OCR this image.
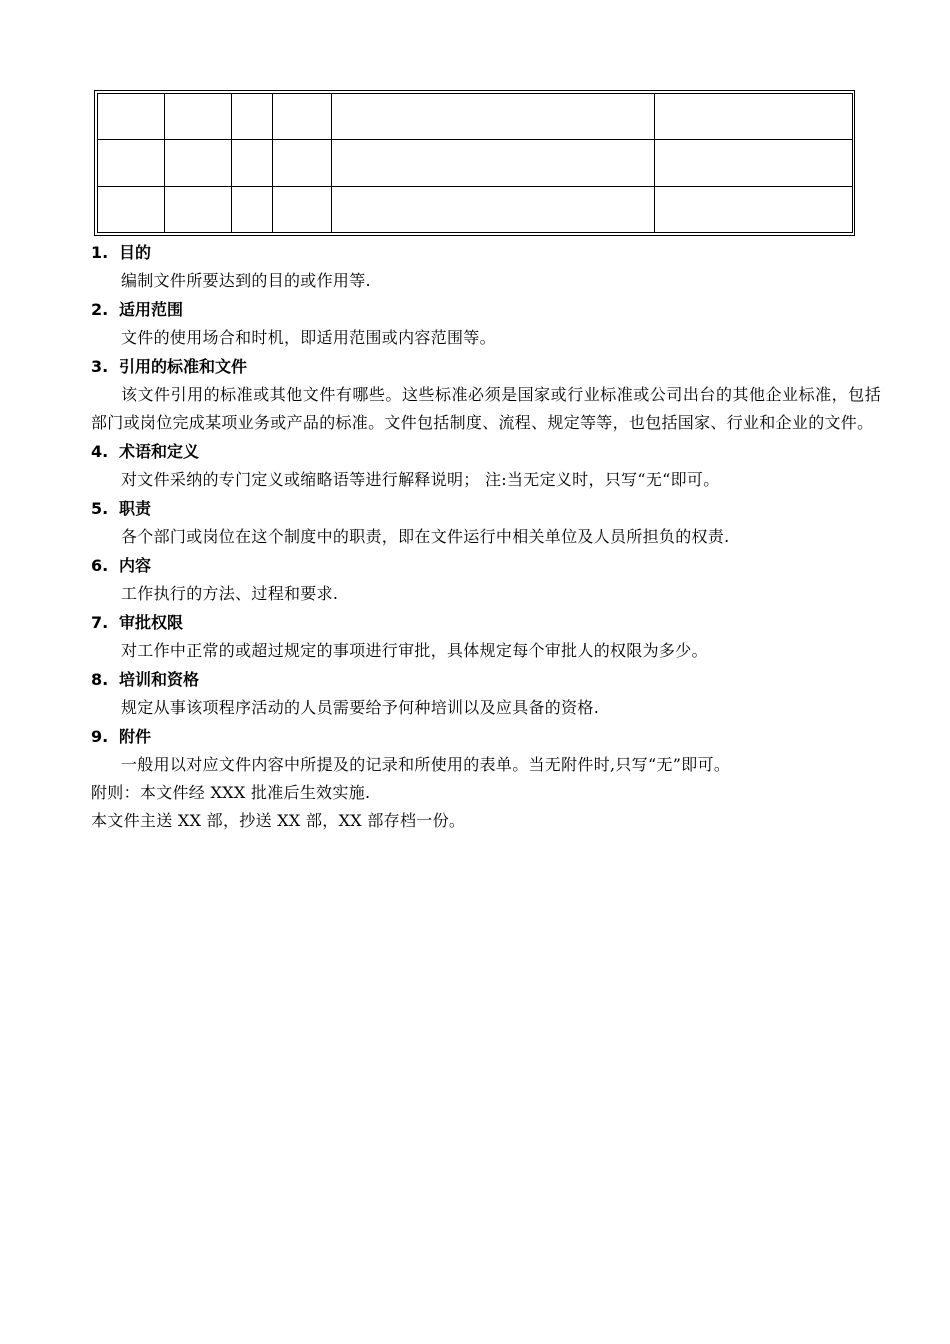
1. 目的

编制文件所要达到的目的或作用等.

2. 适用范围

文件的使用场合和时机，即适用范围或内容范围等。

3. 引用的标准和文件

该文件引用的标准或其他文件有哪些。这些标准必须是国家或行业标准或公司出台的其他企业标准，包括部门或岗位完成某项业务或产品的标准。文件包括制度、流程、规定等等，也包括国家、行业和企业的文件。

4. 术语和定义

对文件采纳的专门定义或缩略语等进行解释说明； 注:当无定义时，只写“无“即可。

5. 职责

各个部门或岗位在这个制度中的职责，即在文件运行中相关单位及人员所担负的权责.

6. 内容

工作执行的方法、过程和要求.

7. 审批权限

对工作中正常的或超过规定的事项进行审批，具体规定每个审批人的权限为多少。

8. 培训和资格

规定从事该项程序活动的人员需要给予何种培训以及应具备的资格.

9. 附件

一般用以对应文件内容中所提及的记录和所使用的表单。当无附件时,只写“无”即可。

附则：本文件经 XXX 批准后生效实施.

本文件主送 XX 部，抄送 XX 部，XX 部存档一份。
